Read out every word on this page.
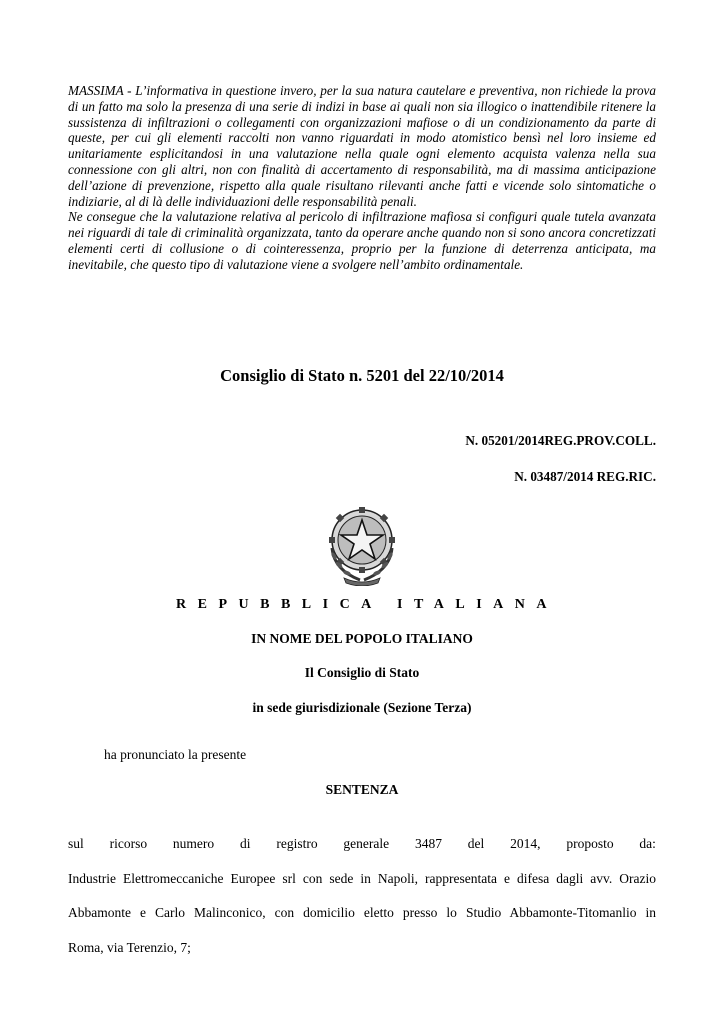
MASSIMA - L’informativa in questione invero, per la sua natura cautelare e preventiva, non richiede la prova di un fatto ma solo la presenza di una serie di indizi in base ai quali non sia illogico o inattendibile ritenere la sussistenza di infiltrazioni o collegamenti con organizzazioni mafiose o di un condizionamento da parte di queste, per cui gli elementi raccolti non vanno riguardati in modo atomistico bensì nel loro insieme ed unitariamente esplicitandosi in una valutazione nella quale ogni elemento acquista valenza nella sua connessione con gli altri, non con finalità di accertamento di responsabilità, ma di massima anticipazione dell’azione di prevenzione, rispetto alla quale risultano rilevanti anche fatti e vicende solo sintomatiche o indiziarie, al di là delle individuazioni delle responsabilità penali.

Ne consegue che la valutazione relativa al pericolo di infiltrazione mafiosa si configuri quale tutela avanzata nei riguardi di tale di criminalità organizzata, tanto da operare anche quando non si sono ancora concretizzati elementi certi di collusione o di cointeressenza, proprio per la funzione di deterrenza anticipata, ma inevitabile, che questo tipo di valutazione viene a svolgere nell’ambito ordinamentale.

Consiglio di Stato n. 5201 del 22/10/2014
N. 05201/2014REG.PROV.COLL.
N. 03487/2014 REG.RIC.
REPUBBLICA ITALIANA
IN NOME DEL POPOLO ITALIANO
Il Consiglio di Stato
in sede giurisdizionale (Sezione Terza)
ha pronunciato la presente
SENTENZA
sul ricorso numero di registro generale 3487 del 2014, proposto da:
Industrie Elettromeccaniche Europee srl con sede in Napoli, rappresentata e difesa dagli avv. Orazio
Abbamonte e Carlo Malinconico, con domicilio eletto presso lo Studio Abbamonte-Titomanlio in
Roma, via Terenzio, 7;
